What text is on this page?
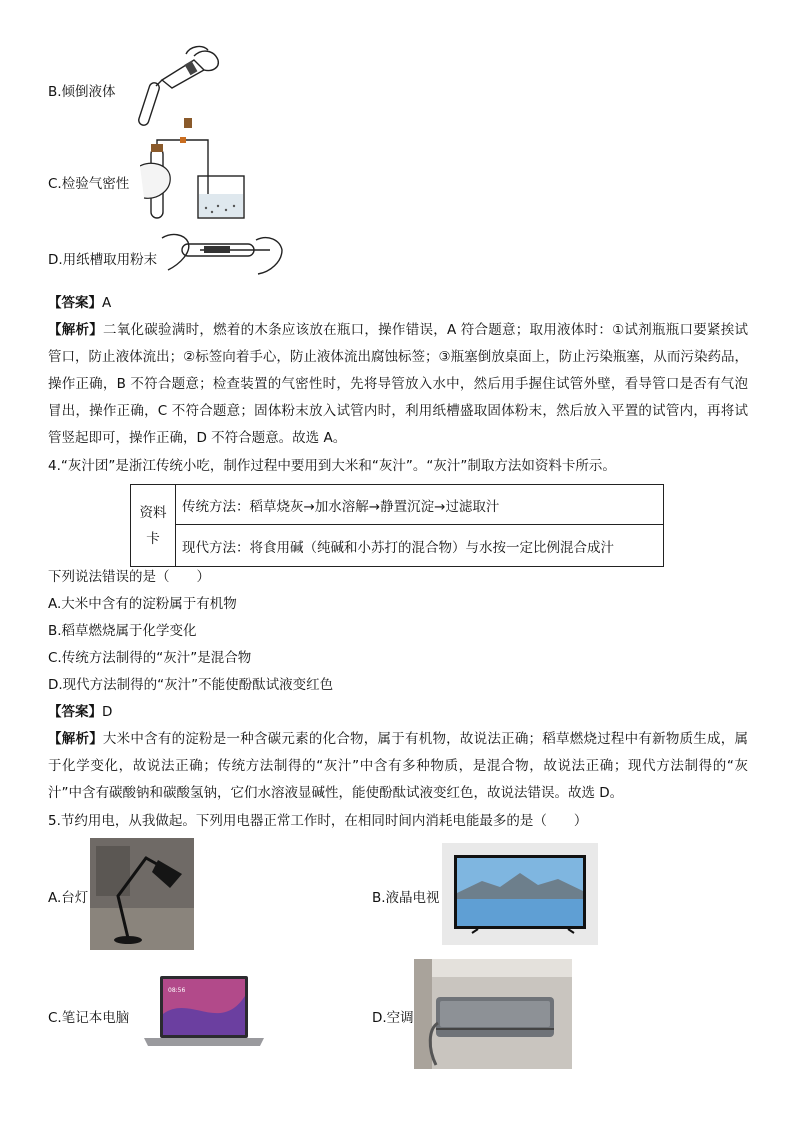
B.倾倒液体
C.检验气密性
D.用纸槽取用粉末
【答案】A
【解析】二氧化碳验满时，燃着的木条应该放在瓶口，操作错误，A 符合题意；取用液体时：①试剂瓶瓶口要紧挨试管口，防止液体流出；②标签向着手心，防止液体流出腐蚀标签；③瓶塞倒放桌面上，防止污染瓶塞，从而污染药品，操作正确，B 不符合题意；检查装置的气密性时，先将导管放入水中，然后用手握住试管外壁，看导管口是否有气泡冒出，操作正确，C 不符合题意；固体粉末放入试管内时，利用纸槽盛取固体粉末，然后放入平置的试管内，再将试管竖起即可，操作正确，D 不符合题意。故选 A。
4.“灰汁团”是浙江传统小吃，制作过程中要用到大米和“灰汁”。“灰汁”制取方法如资料卡所示。
资料卡	传统方法：稻草烧灰→加水溶解→静置沉淀→过滤取汁
现代方法：将食用碱（纯碱和小苏打的混合物）与水按一定比例混合成汁
下列说法错误的是（　　）
A.大米中含有的淀粉属于有机物
B.稻草燃烧属于化学变化
C.传统方法制得的“灰汁”是混合物
D.现代方法制得的“灰汁”不能使酚酞试液变红色
【答案】D
【解析】大米中含有的淀粉是一种含碳元素的化合物，属于有机物，故说法正确；稻草燃烧过程中有新物质生成，属于化学变化，故说法正确；传统方法制得的“灰汁”中含有多种物质，是混合物，故说法正确；现代方法制得的“灰汁”中含有碳酸钠和碳酸氢钠，它们水溶液显碱性，能使酚酞试液变红色，故说法错误。故选 D。
5.节约用电，从我做起。下列用电器正常工作时，在相同时间内消耗电能最多的是（　　）
A.台灯	B.液晶电视
C.笔记本电脑
08:56
D.空调
